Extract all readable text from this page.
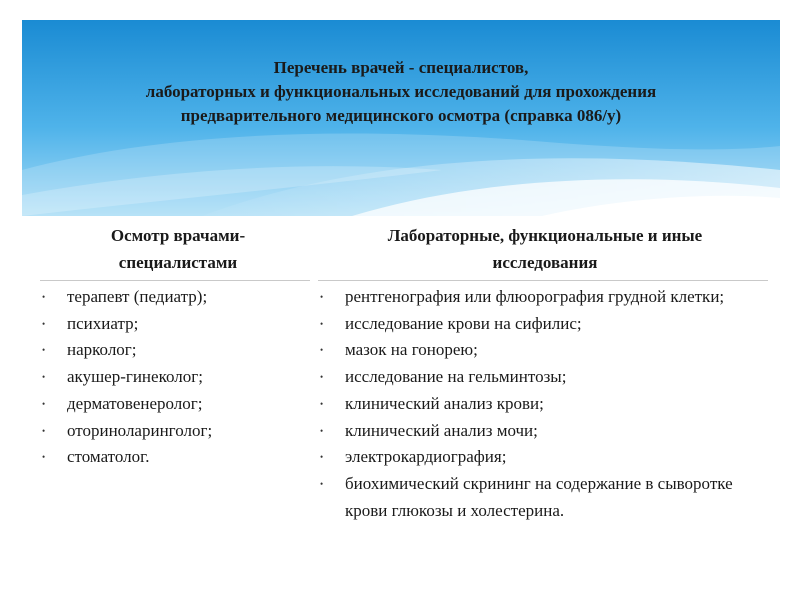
Перечень врачей - специалистов,
лабораторных и функциональных исследований для прохождения
предварительного медицинского осмотра (справка 086/у)
Осмотр врачами-
специалистами
Лабораторные, функциональные и иные
исследования
• терапевт (педиатр);
• психиатр;
• нарколог;
• акушер-гинеколог;
• дерматовенеролог;
• оториноларинголог;
• стоматолог.
• рентгенография или флюорография грудной клетки;
• исследование крови на сифилис;
• мазок на гонорею;
• исследование на гельминтозы;
• клинический анализ крови;
• клинический анализ мочи;
• электрокардиография;
• биохимический скрининг на содержание в сыворотке крови глюкозы и холестерина.
